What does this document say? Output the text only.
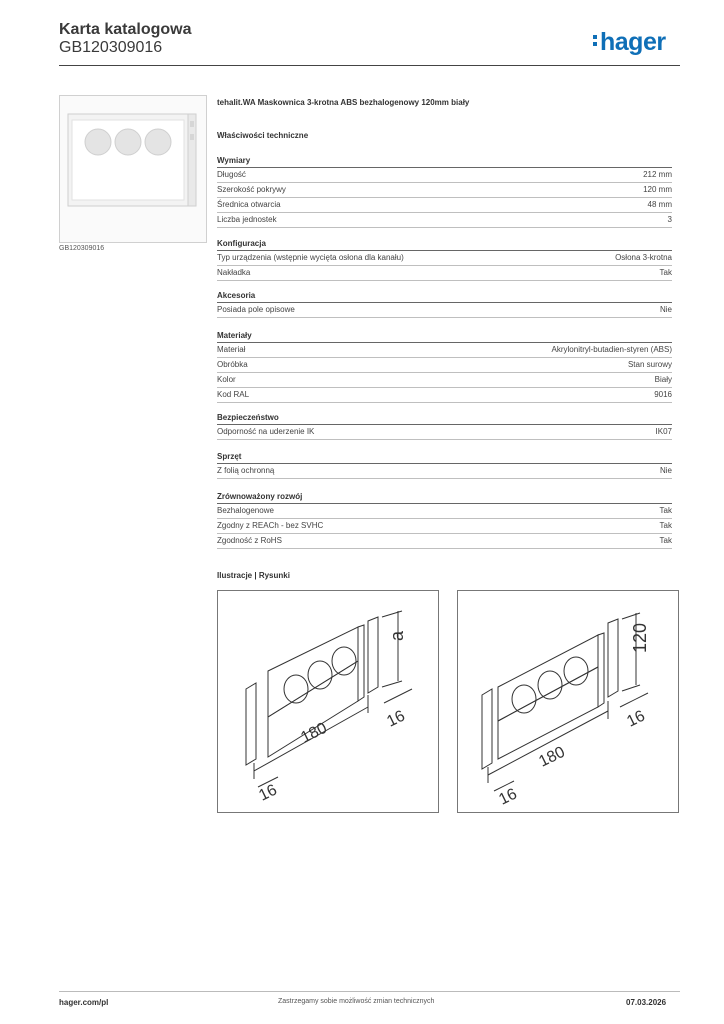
Karta katalogowa
GB120309016	hager
GB120309016
tehalit.WA Maskownica 3-krotna ABS bezhalogenowy 120mm biały
Właściwości techniczne
Wymiary
Długość	212 mm
Szerokość pokrywy	120 mm
Średnica otwarcia	48 mm
Liczba jednostek	3
Konfiguracja
Typ urządzenia (wstępnie wycięta osłona dla kanału)	Osłona 3-krotna
Nakładka	Tak
Akcesoria
Posiada pole opisowe	Nie
Materiały
Materiał	Akrylonitryl-butadien-styren (ABS)
Obróbka	Stan surowy
Kolor	Biały
Kod RAL	9016
Bezpieczeństwo
Odporność na uderzenie IK	IK07
Sprzęt
Z folią ochronną	Nie
Zrównoważony rozwój
Bezhalogenowe	Tak
Zgodny z REACh - bez SVHC	Tak
Zgodność z RoHS	Tak
Ilustracje | Rysunki
a
180
16
16
120
180
16
16
hager.com/pl	Zastrzegamy sobie możliwość zmian technicznych	07.03.2026
